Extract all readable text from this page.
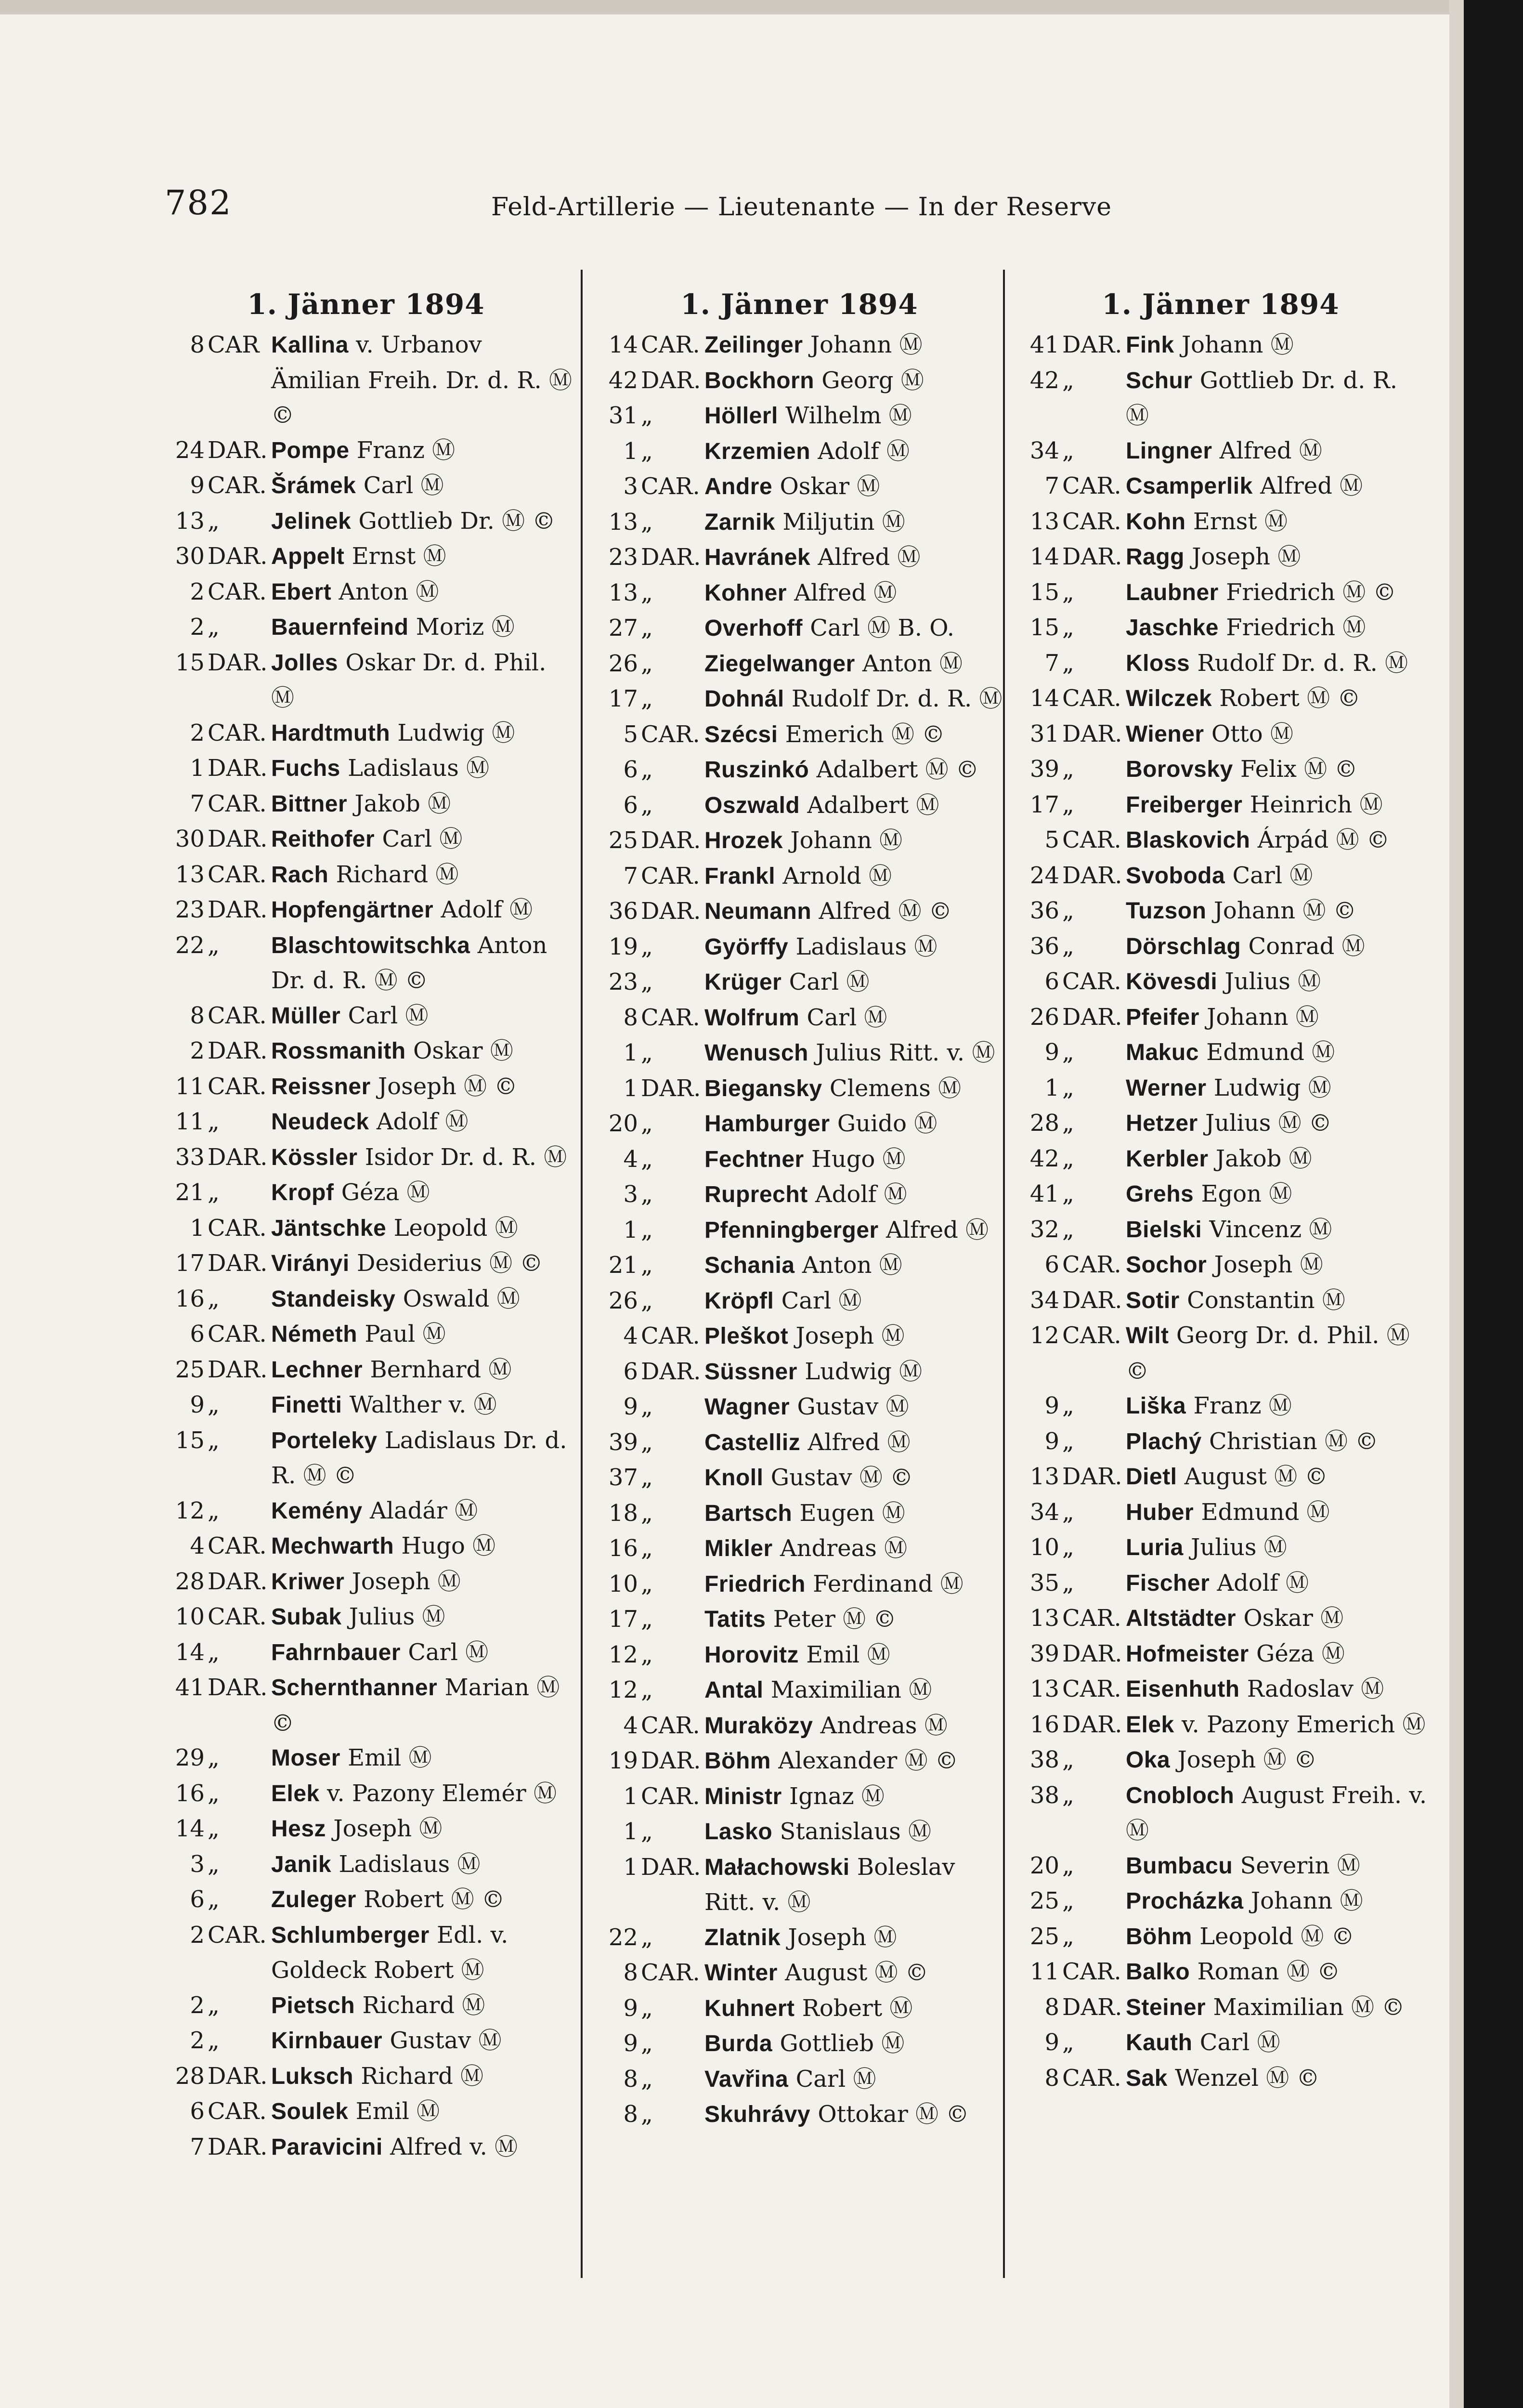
782	Feld-Artillerie — Lieutenante — In der Reserve
1. Jänner 1894
8 CAR Kallina v. Urbanov Ämilian Freih. Dr. d. R. Ⓜ ©
24 DAR. Pompe Franz Ⓜ
9 CAR. Šrámek Carl Ⓜ
13 „	Jelinek Gottlieb Dr. Ⓜ ©
30 DAR. Appelt Ernst Ⓜ
2 CAR. Ebert Anton Ⓜ
2 „	Bauernfeind Moriz Ⓜ
15 DAR. Jolles Oskar Dr. d. Phil. Ⓜ
2 CAR. Hardtmuth Ludwig Ⓜ
1 DAR. Fuchs Ladislaus Ⓜ
7 CAR. Bittner Jakob Ⓜ
30 DAR. Reithofer Carl Ⓜ
13 CAR. Rach Richard Ⓜ
23 DAR. Hopfengärtner Adolf Ⓜ
22 „	Blaschtowitschka Anton Dr. d. R. Ⓜ ©
8 CAR. Müller Carl Ⓜ
2 DAR. Rossmanith Oskar Ⓜ
11 CAR. Reissner Joseph Ⓜ ©
11 „	Neudeck Adolf Ⓜ
33 DAR. Kössler Isidor Dr. d. R. Ⓜ
21 „	Kropf Géza Ⓜ
1 CAR. Jäntschke Leopold Ⓜ
17 DAR. Virányi Desiderius Ⓜ ©
16 „	Standeisky Oswald Ⓜ
6 CAR. Németh Paul Ⓜ
25 DAR. Lechner Bernhard Ⓜ
9 „	Finetti Walther v. Ⓜ
15 „	Porteleky Ladislaus Dr. d. R. Ⓜ ©
12 „	Kemény Aladár Ⓜ
4 CAR. Mechwarth Hugo Ⓜ
28 DAR. Kriwer Joseph Ⓜ
10 CAR. Subak Julius Ⓜ
14 „	Fahrnbauer Carl Ⓜ
41 DAR. Schernthanner Marian Ⓜ ©
29 „	Moser Emil Ⓜ
16 „	Elek v. Pazony Elemér Ⓜ
14 „	Hesz Joseph Ⓜ
3 „	Janik Ladislaus Ⓜ
6 „	Zuleger Robert Ⓜ ©
2 CAR. Schlumberger Edl. v. Goldeck Robert Ⓜ
2 „	Pietsch Richard Ⓜ
2 „	Kirnbauer Gustav Ⓜ
28 DAR. Luksch Richard Ⓜ
6 CAR. Soulek Emil Ⓜ
7 DAR. Paravicini Alfred v. Ⓜ
1. Jänner 1894
14 CAR. Zeilinger Johann Ⓜ
42 DAR. Bockhorn Georg Ⓜ
31 „	Höllerl Wilhelm Ⓜ
1 „	Krzemien Adolf Ⓜ
3 CAR. Andre Oskar Ⓜ
13 „	Zarnik Miljutin Ⓜ
23 DAR. Havránek Alfred Ⓜ
13 „	Kohner Alfred Ⓜ
27 „	Overhoff Carl Ⓜ B. O.
26 „	Ziegelwanger Anton Ⓜ
17 „	Dohnál Rudolf Dr. d. R. Ⓜ
5 CAR. Szécsi Emerich Ⓜ ©
6 „	Ruszinkó Adalbert Ⓜ ©
6 „	Oszwald Adalbert Ⓜ
25 DAR. Hrozek Johann Ⓜ
7 CAR. Frankl Arnold Ⓜ
36 DAR. Neumann Alfred Ⓜ ©
19 „	Györffy Ladislaus Ⓜ
23 „	Krüger Carl Ⓜ
8 CAR. Wolfrum Carl Ⓜ
1 „	Wenusch Julius Ritt. v. Ⓜ
1 DAR. Biegansky Clemens Ⓜ
20 „	Hamburger Guido Ⓜ
4 „	Fechtner Hugo Ⓜ
3 „	Ruprecht Adolf Ⓜ
1 „	Pfenningberger Alfred Ⓜ
21 „	Schania Anton Ⓜ
26 „	Kröpfl Carl Ⓜ
4 CAR. Pleškot Joseph Ⓜ
6 DAR. Süssner Ludwig Ⓜ
9 „	Wagner Gustav Ⓜ
39 „	Castelliz Alfred Ⓜ
37 „	Knoll Gustav Ⓜ ©
18 „	Bartsch Eugen Ⓜ
16 „	Mikler Andreas Ⓜ
10 „	Friedrich Ferdinand Ⓜ
17 „	Tatits Peter Ⓜ ©
12 „	Horovitz Emil Ⓜ
12 „	Antal Maximilian Ⓜ
4 CAR. Muraközy Andreas Ⓜ
19 DAR. Böhm Alexander Ⓜ ©
1 CAR. Ministr Ignaz Ⓜ
1 „	Lasko Stanislaus Ⓜ
1 DAR. Małachowski Boleslav Ritt. v. Ⓜ
22 „	Zlatnik Joseph Ⓜ
8 CAR. Winter August Ⓜ ©
9 „	Kuhnert Robert Ⓜ
9 „	Burda Gottlieb Ⓜ
8 „	Vavřina Carl Ⓜ
8 „	Skuhrávy Ottokar Ⓜ ©
1. Jänner 1894
41 DAR. Fink Johann Ⓜ
42 „	Schur Gottlieb Dr. d. R. Ⓜ
34 „	Lingner Alfred Ⓜ
7 CAR. Csamperlik Alfred Ⓜ
13 CAR. Kohn Ernst Ⓜ
14 DAR. Ragg Joseph Ⓜ
15 „	Laubner Friedrich Ⓜ ©
15 „	Jaschke Friedrich Ⓜ
7 „	Kloss Rudolf Dr. d. R. Ⓜ
14 CAR. Wilczek Robert Ⓜ ©
31 DAR. Wiener Otto Ⓜ
39 „	Borovsky Felix Ⓜ ©
17 „	Freiberger Heinrich Ⓜ
5 CAR. Blaskovich Árpád Ⓜ ©
24 DAR. Svoboda Carl Ⓜ
36 „	Tuzson Johann Ⓜ ©
36 „	Dörschlag Conrad Ⓜ
6 CAR. Kövesdi Julius Ⓜ
26 DAR. Pfeifer Johann Ⓜ
9 „	Makuc Edmund Ⓜ
1 „	Werner Ludwig Ⓜ
28 „	Hetzer Julius Ⓜ ©
42 „	Kerbler Jakob Ⓜ
41 „	Grehs Egon Ⓜ
32 „	Bielski Vincenz Ⓜ
6 CAR. Sochor Joseph Ⓜ
34 DAR. Sotir Constantin Ⓜ
12 CAR. Wilt Georg Dr. d. Phil. Ⓜ ©
9 „	Liška Franz Ⓜ
9 „	Plachý Christian Ⓜ ©
13 DAR. Dietl August Ⓜ ©
34 „	Huber Edmund Ⓜ
10 „	Luria Julius Ⓜ
35 „	Fischer Adolf Ⓜ
13 CAR. Altstädter Oskar Ⓜ
39 DAR. Hofmeister Géza Ⓜ
13 CAR. Eisenhuth Radoslav Ⓜ
16 DAR. Elek v. Pazony Emerich Ⓜ
38 „	Oka Joseph Ⓜ ©
38 „	Cnobloch August Freih. v. Ⓜ
20 „	Bumbacu Severin Ⓜ
25 „	Procházka Johann Ⓜ
25 „	Böhm Leopold Ⓜ ©
11 CAR. Balko Roman Ⓜ ©
8 DAR. Steiner Maximilian Ⓜ ©
9 „	Kauth Carl Ⓜ
8 CAR. Sak Wenzel Ⓜ ©
